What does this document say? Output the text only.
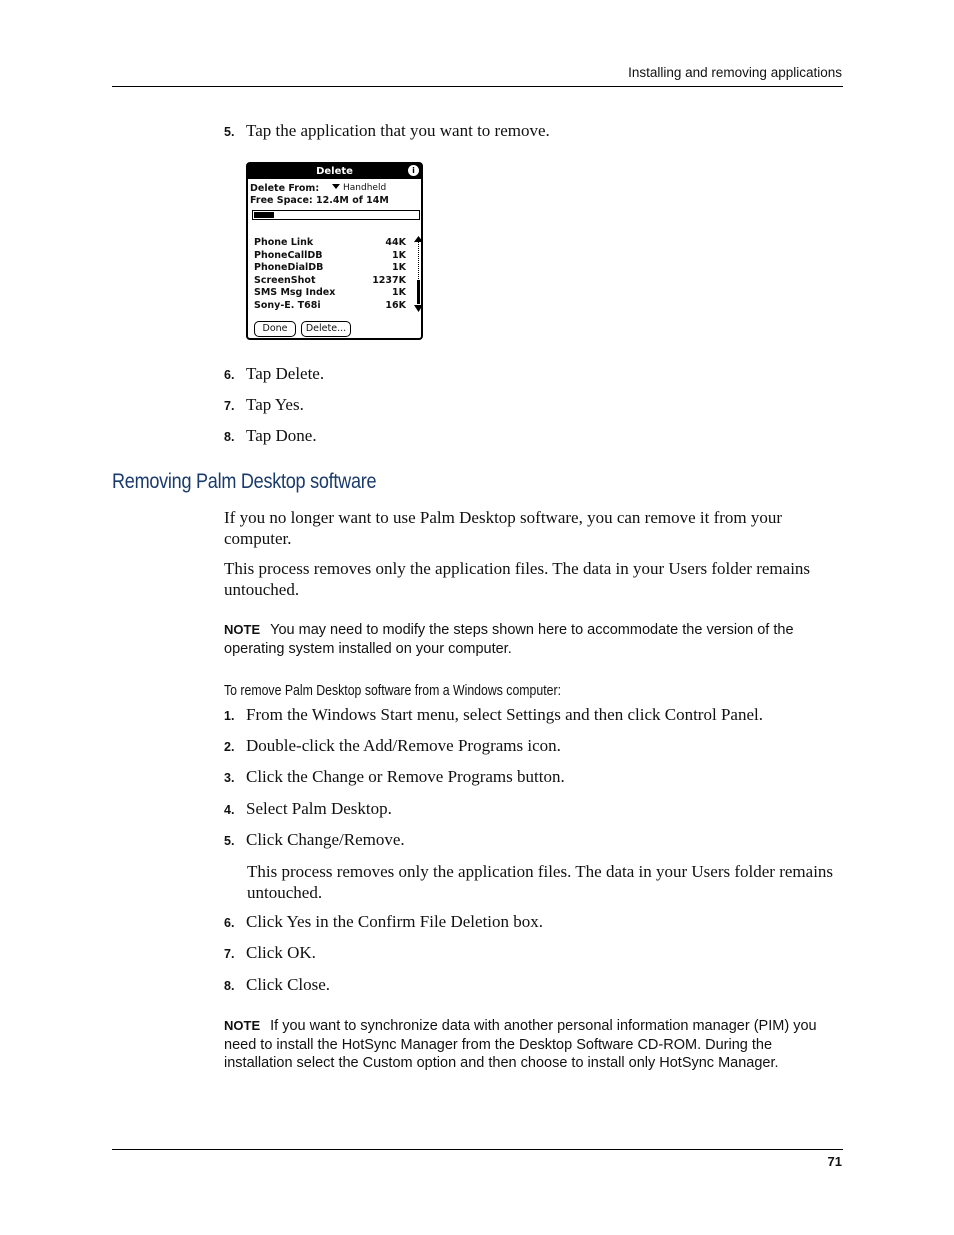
Installing and removing applications
5. Tap the application that you want to remove.
Delete	i
Delete From:	Handheld
Free Space: 12.4M of 14M
Phone Link	44K
PhoneCallDB	1K
PhoneDialDB	1K
ScreenShot	1237K
SMS Msg Index	1K
Sony-E. T68i	16K
Done	Delete...
6. Tap Delete.
7. Tap Yes.
8. Tap Done.
Removing Palm Desktop software
If you no longer want to use Palm Desktop software, you can remove it from your computer.
This process removes only the application files. The data in your Users folder remains untouched.
NOTE You may need to modify the steps shown here to accommodate the version of the operating system installed on your computer.
To remove Palm Desktop software from a Windows computer:
1. From the Windows Start menu, select Settings and then click Control Panel.
2. Double-click the Add/Remove Programs icon.
3. Click the Change or Remove Programs button.
4. Select Palm Desktop.
5. Click Change/Remove.
This process removes only the application files. The data in your Users folder remains untouched.
6. Click Yes in the Confirm File Deletion box.
7. Click OK.
8. Click Close.
NOTE If you want to synchronize data with another personal information manager (PIM) you need to install the HotSync Manager from the Desktop Software CD-ROM. During the installation select the Custom option and then choose to install only HotSync Manager.
71
